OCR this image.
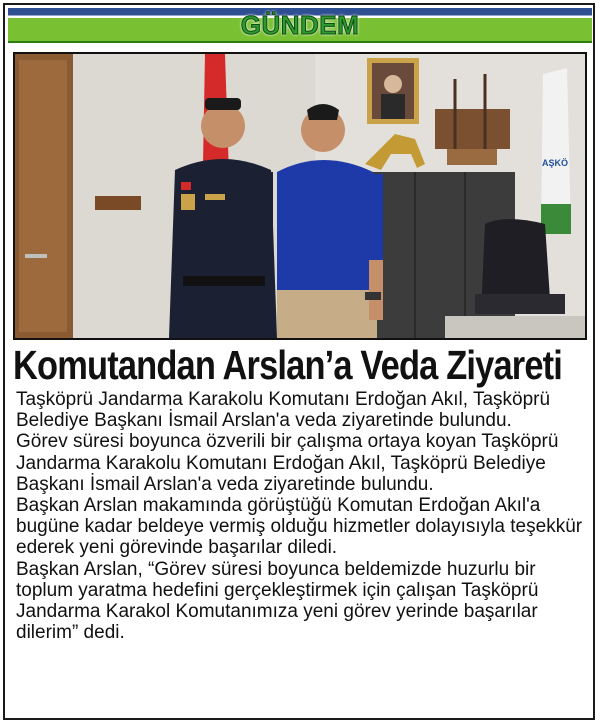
GÜNDEM
AŞKÖ
Komutandan Arslan’a Veda Ziyareti

Taşköprü Jandarma Karakolu Komutanı Erdoğan Akıl, Taşköprü Belediye Başkanı İsmail Arslan'a veda ziyaretinde bulundu.

Görev süresi boyunca özverili bir çalışma ortaya koyan Taşköprü Jandarma Karakolu Komutanı Erdoğan Akıl, Taşköprü Belediye Başkanı İsmail Arslan'a veda ziyaretinde bulundu.

Başkan Arslan makamında görüştüğü Komutan Erdoğan Akıl'a bugüne kadar beldeye vermiş olduğu hizmetler dolayısıyla teşekkür ederek yeni görevinde başarılar diledi.

Başkan Arslan, “Görev süresi boyunca beldemizde huzurlu bir toplum yaratma hedefini gerçekleştirmek için çalışan Taşköprü Jandarma Karakol Komutanımıza yeni görev yerinde başarılar dilerim” dedi.
